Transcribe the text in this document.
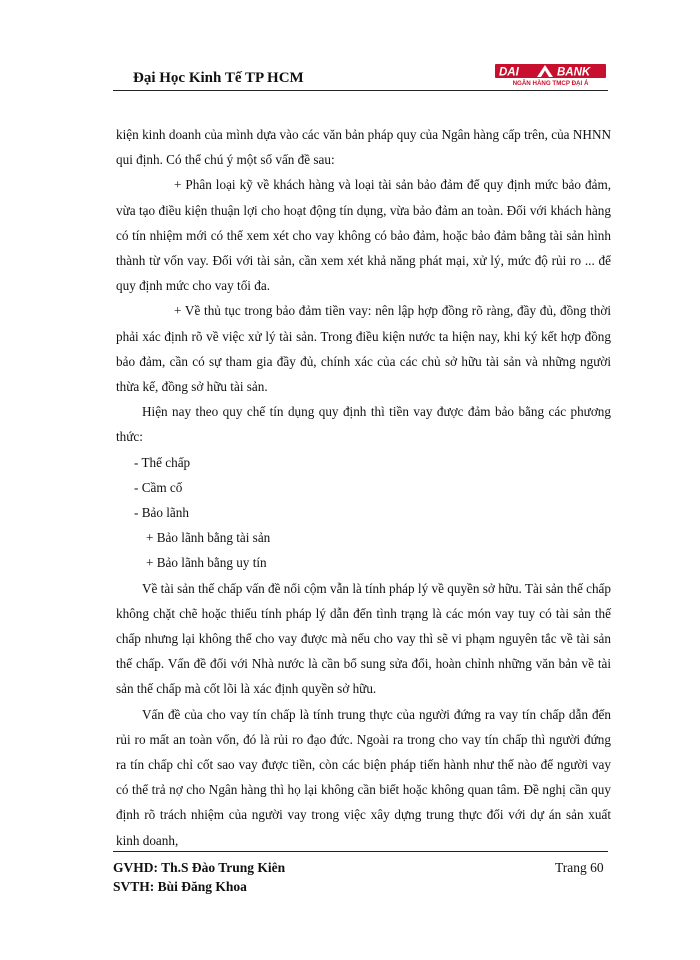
Đại Học Kinh Tế TP HCM	DAI	BANK
NGÂN HÀNG TMCP ĐẠI Á

kiện kinh doanh của mình dựa vào các văn bản pháp quy của Ngân hàng cấp trên, của NHNN qui định. Có thể chú ý một số vấn đề sau:

+ Phân loại kỹ về khách hàng và loại tài sản bảo đảm để quy định mức bảo đảm, vừa tạo điều kiện thuận lợi cho hoạt động tín dụng, vừa bảo đảm an toàn. Đối với khách hàng có tín nhiệm mới có thể xem xét cho vay không có bảo đảm, hoặc bảo đảm bằng tài sản hình thành từ vốn vay. Đối với tài sản, cần xem xét khả năng phát mại, xử lý, mức độ rủi ro ... để quy định mức cho vay tối đa.

+ Về thủ tục trong bảo đảm tiền vay: nên lập hợp đồng rõ ràng, đầy đủ, đồng thời phải xác định rõ về việc xử lý tài sản. Trong điều kiện nước ta hiện nay, khi ký kết hợp đồng bảo đảm, cần có sự tham gia đầy đủ, chính xác của các chủ sở hữu tài sản và những người thừa kế, đồng sở hữu tài sản.

Hiện nay theo quy chế tín dụng quy định thì tiền vay được đảm bảo bằng các phương thức:

- Thế chấp

- Cầm cố

- Bảo lãnh

+ Bảo lãnh bằng tài sản

+ Bảo lãnh bằng uy tín

Về tài sản thế chấp vấn đề nổi cộm vẫn là tính pháp lý về quyền sở hữu. Tài sản thế chấp không chặt chẽ hoặc thiếu tính pháp lý dẫn đến tình trạng là các món vay tuy có tài sản thế chấp nhưng lại không thể cho vay được mà nếu cho vay thì sẽ vi phạm nguyên tắc về tài sản thế chấp. Vấn đề đối với Nhà nước là cần bổ sung sửa đổi, hoàn chỉnh những văn bản về tài sản thế chấp mà cốt lõi là xác định quyền sở hữu.

Vấn đề của cho vay tín chấp là tính trung thực của người đứng ra vay tín chấp dẫn đến rủi ro mất an toàn vốn, đó là rủi ro đạo đức. Ngoài ra trong cho vay tín chấp thì người đứng ra tín chấp chỉ cốt sao vay được tiền, còn các biện pháp tiến hành như thế nào để người vay có thể trả nợ cho Ngân hàng thì họ lại không cần biết hoặc không quan tâm. Đề nghị cần quy định rõ trách nhiệm của người vay trong việc xây dựng trung thực đối với dự án sản xuất kinh doanh,

GVHD: Th.S Đào Trung Kiên
SVTH: Bùi Đăng Khoa
Trang 60
